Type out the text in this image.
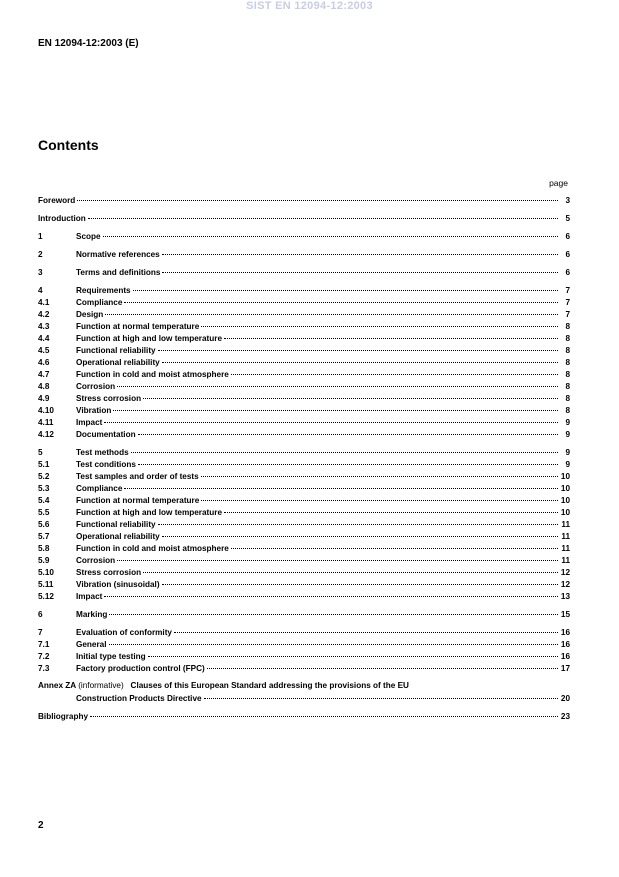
SIST EN 12094-12:2003
EN 12094-12:2003 (E)
Contents
page
Foreword	3
Introduction	5
1	Scope	6
2	Normative references	6
3	Terms and definitions	6
4	Requirements	7
4.1	Compliance	7
4.2	Design	7
4.3	Function at normal temperature	8
4.4	Function at high and low temperature	8
4.5	Functional reliability	8
4.6	Operational reliability	8
4.7	Function in cold and moist atmosphere	8
4.8	Corrosion	8
4.9	Stress corrosion	8
4.10	Vibration	8
4.11	Impact	9
4.12	Documentation	9
5	Test methods	9
5.1	Test conditions	9
5.2	Test samples and order of tests	10
5.3	Compliance	10
5.4	Function at normal temperature	10
5.5	Function at high and low temperature	10
5.6	Functional reliability	11
5.7	Operational reliability	11
5.8	Function in cold and moist atmosphere	11
5.9	Corrosion	11
5.10	Stress corrosion	12
5.11	Vibration (sinusoidal)	12
5.12	Impact	13
6	Marking	15
7	Evaluation of conformity	16
7.1	General	16
7.2	Initial type testing	16
7.3	Factory production control (FPC)	17
Annex ZA (informative) Clauses of this European Standard addressing the provisions of the EU
Construction Products Directive	20
Bibliography	23
2
